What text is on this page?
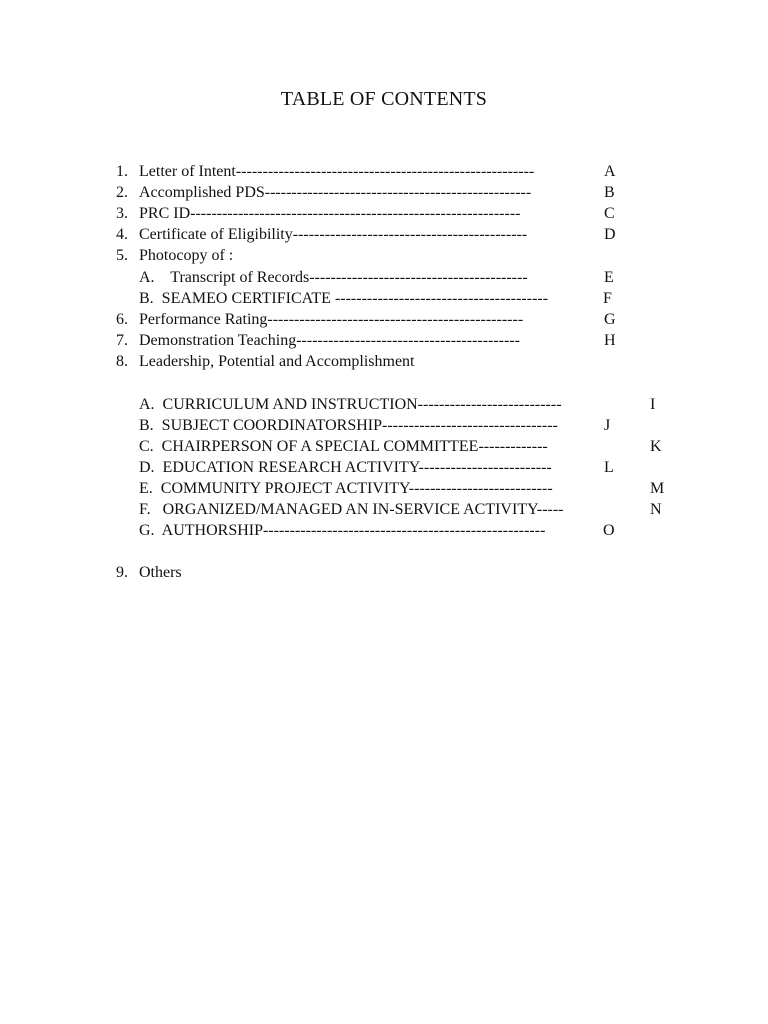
TABLE OF CONTENTS
1. Letter of Intent--------------------------------------------------------	A
2. Accomplished PDS--------------------------------------------------	B
3. PRC ID--------------------------------------------------------------	C
4. Certificate of Eligibility--------------------------------------------	D
5. Photocopy of :
A.    Transcript of Records-----------------------------------------	E
B.  SEAMEO CERTIFICATE ----------------------------------------	F
6. Performance Rating------------------------------------------------	G
7. Demonstration Teaching------------------------------------------	H
8. Leadership, Potential and Accomplishment
A.  CURRICULUM AND INSTRUCTION---------------------------	I
B.  SUBJECT COORDINATORSHIP---------------------------------	J
C.  CHAIRPERSON OF A SPECIAL COMMITTEE-------------	K
D.  EDUCATION RESEARCH ACTIVITY-------------------------	L
E.  COMMUNITY PROJECT ACTIVITY---------------------------	M
F.   ORGANIZED/MANAGED AN IN-SERVICE ACTIVITY-----	N
G.  AUTHORSHIP-----------------------------------------------------	O
9. Others
